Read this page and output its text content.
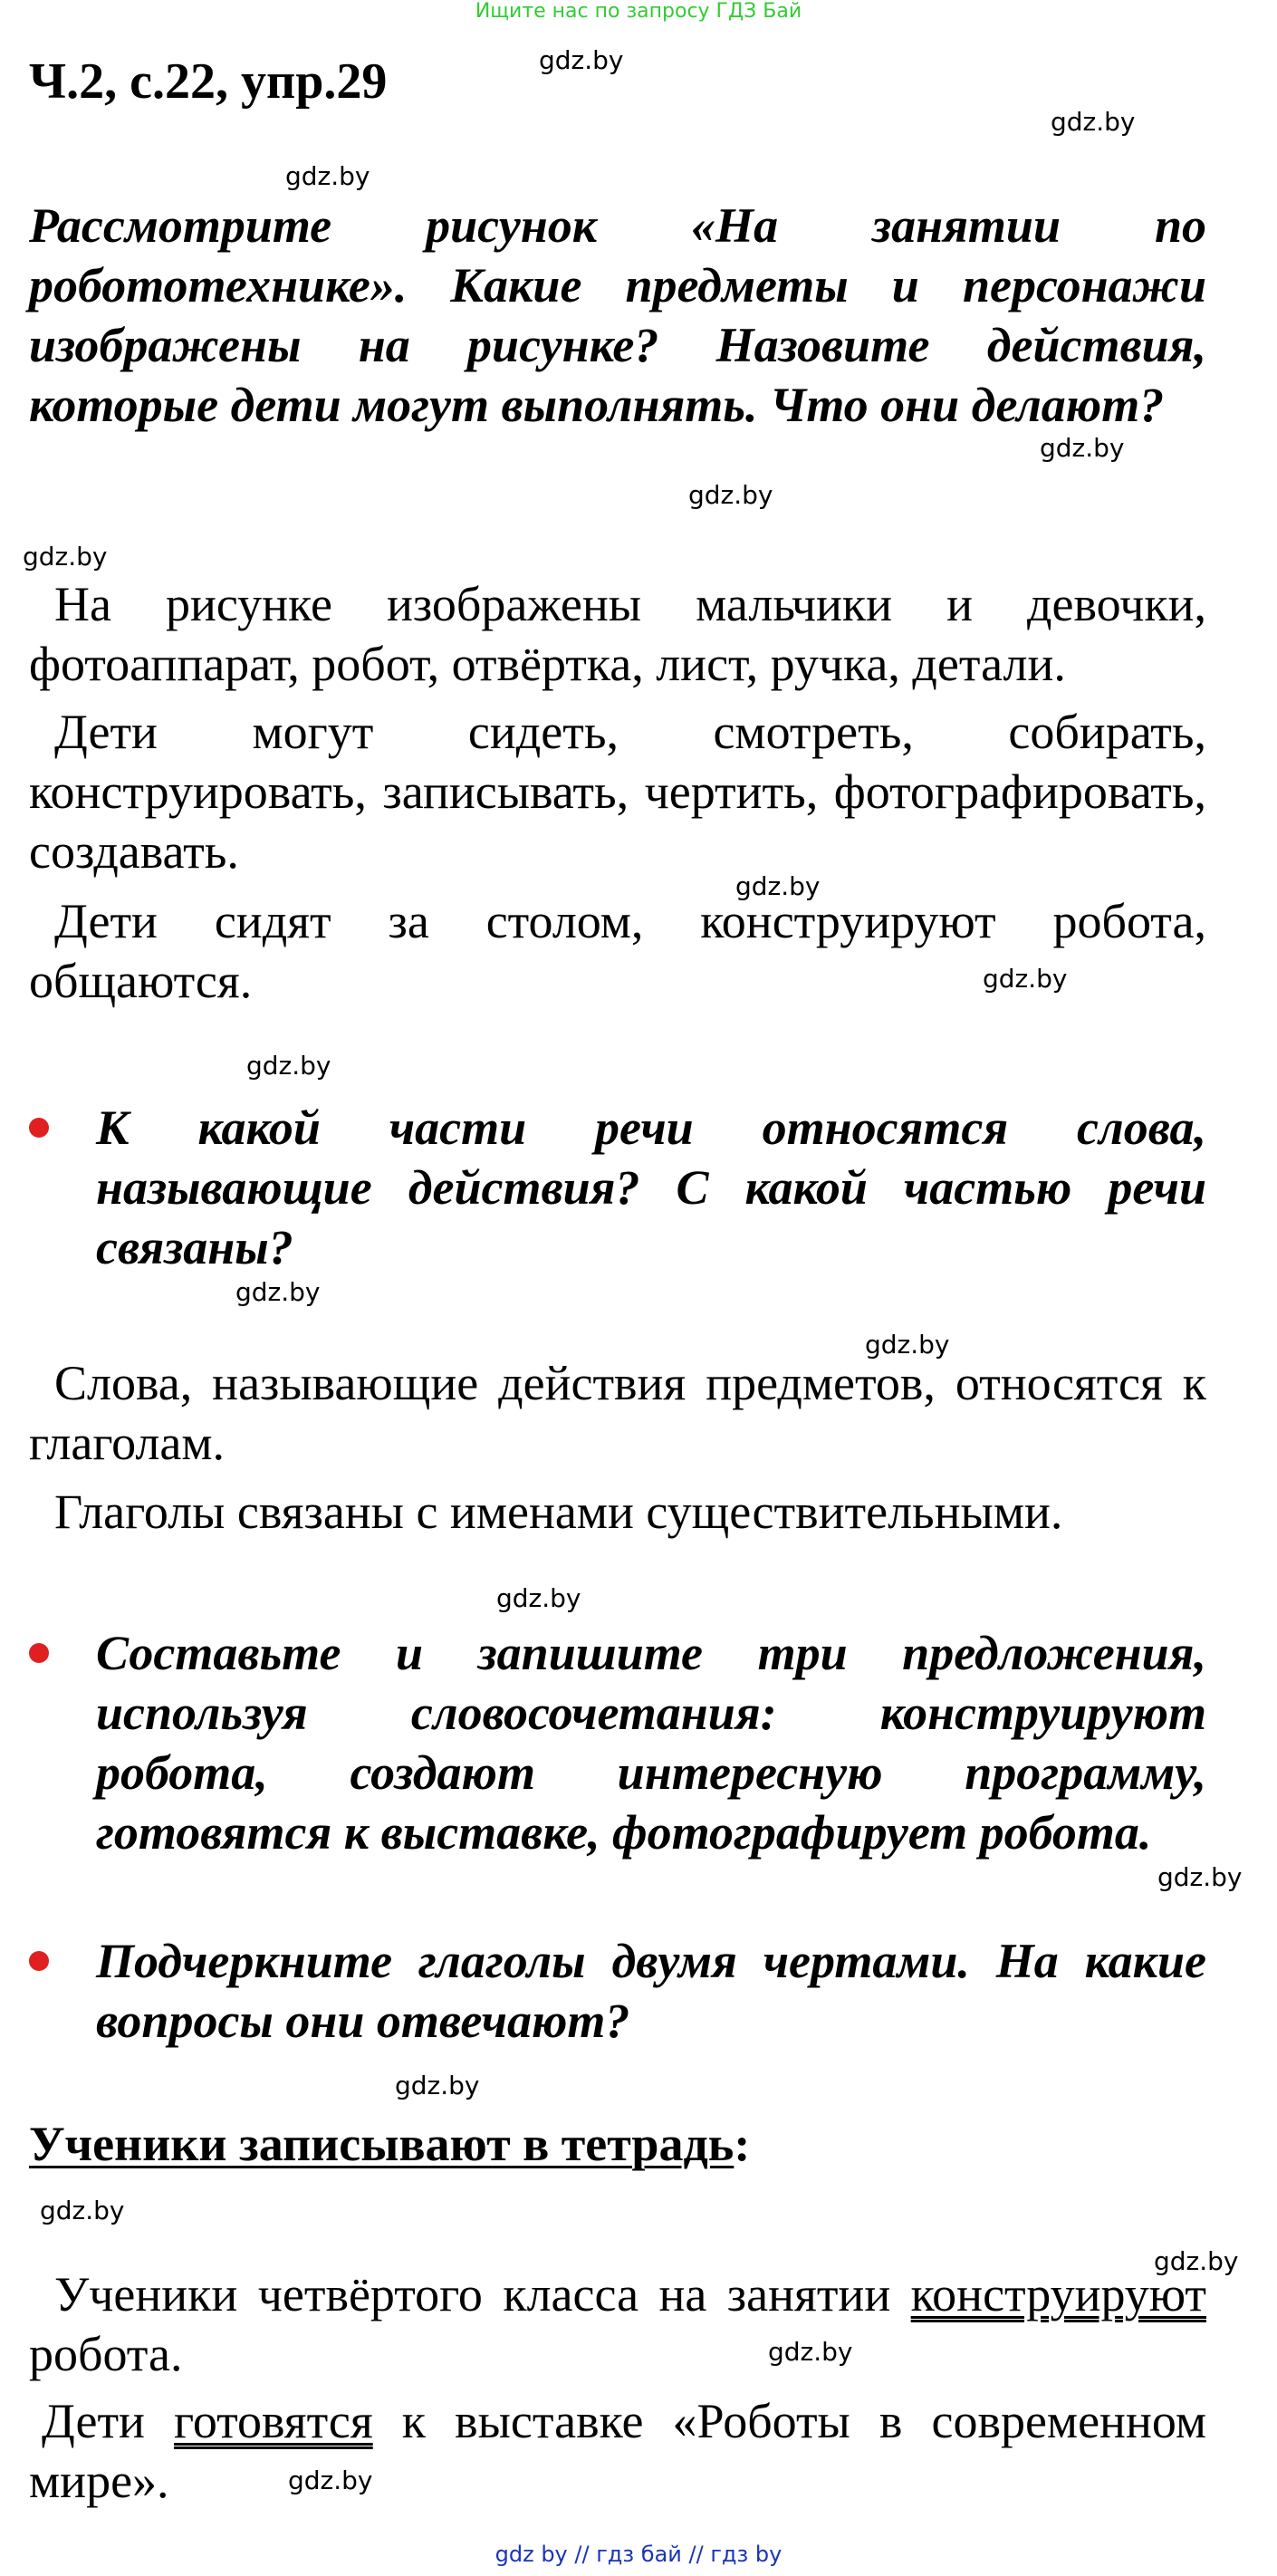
Ищите нас по запросу ГДЗ Бай
Ч.2, с.22, упр.29	gdz.by
gdz.by
gdz.by
gdz.by
gdz.by
gdz.by
gdz.by
gdz.by
gdz.by
gdz.by
gdz.by
gdz.by
gdz.by
gdz.by
gdz.by
gdz.by
gdz.by
gdz.by
Рассмотрите рисунок «На занятии по робототехнике». Какие предметы и персонажи изображены на рисунке? Назовите действия, которые дети могут выполнять. Что они делают?
На рисунке изображены мальчики и девочки, фотоаппарат, робот, отвёртка, лист, ручка, детали.
Дети могут сидеть, смотреть, собирать, конструировать, записывать, чертить, фотографировать, создавать.
Дети сидят за столом, конструируют робота, общаются.
К какой части речи относятся слова, называющие действия? С какой частью речи связаны?
Слова, называющие действия предметов, относятся к глаголам.
Глаголы связаны с именами существительными.
Составьте и запишите три предложения, используя словосочетания: конструируют робота, создают интересную программу, готовятся к выставке, фотографирует робота.
Подчеркните глаголы двумя чертами. На какие вопросы они отвечают?
Ученики записывают в тетрадь:
Ученики четвёртого класса на занятии конструируют робота.
Дети готовятся к выставке «Роботы в современном мире».
gdz by // гдз бай // гдз by
